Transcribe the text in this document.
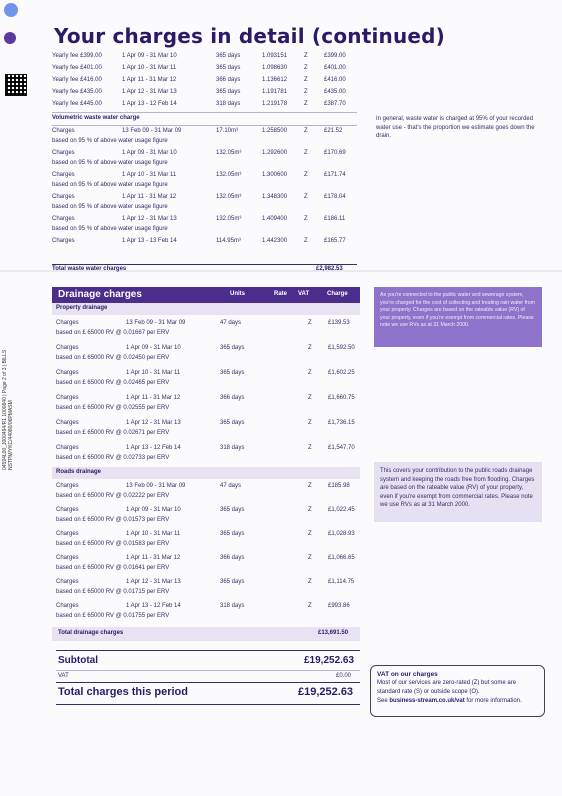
04594L00_J000494/R1 1000840 | Page 2 of 3 | BILLS NSTPM/YKC/44080/06PMASM
Your charges in detail (continued)
Yearly fee £399.00	1 Apr 09 - 31 Mar 10	365 days	1.093151	Z	£399.00
Yearly fee £401.00	1 Apr 10 - 31 Mar 11	365 days	1.098630	Z	£401.00
Yearly fee £416.00	1 Apr 11 - 31 Mar 12	366 days	1.136612	Z	£416.00
Yearly fee £435.00	1 Apr 12 - 31 Mar 13	365 days	1.191781	Z	£435.00
Yearly fee £445.00	1 Apr 13 - 12 Feb 14	318 days	1.219178	Z	£387.70
Volumetric waste water charge
Charges	13 Feb 09 - 31 Mar 09	17.10m³	1.258500	Z	£21.52
based on 95 % of above water usage figure
Charges	1 Apr 09 - 31 Mar 10	132.05m³	1.292600	Z	£170.69
based on 95 % of above water usage figure
Charges	1 Apr 10 - 31 Mar 11	132.05m³	1.300600	Z	£171.74
based on 95 % of above water usage figure
Charges	1 Apr 11 - 31 Mar 12	132.05m³	1.348300	Z	£178.04
based on 95 % of above water usage figure
Charges	1 Apr 12 - 31 Mar 13	132.05m³	1.409400	Z	£186.11
based on 95 % of above water usage figure
Charges	1 Apr 13 - 13 Feb 14	114.95m³	1.442300	Z	£165.77
Total waste water charges	£2,982.53
In general, waste water is charged at 95% of your recorded water use - that's the proportion we estimate goes down the drain.
Drainage charges	Units	Rate VAT	Charge
Property drainage
As you're connected to the public water and sewerage system, you're charged for the cost of collecting and treating rain water from your property. Charges are based on the rateable value (RV) of your property, even if you're exempt from commercial rates. Please note we use RVs as at 31 March 2000.
Charges	13 Feb 09 - 31 Mar 09	47 days	Z	£139.53
based on £ 65000 RV @ 0.01667 per ERV
Charges	1 Apr 09 - 31 Mar 10	365 days	Z	£1,592.50
based on £ 65000 RV @ 0.02450 per ERV
Charges	1 Apr 10 - 31 Mar 11	365 days	Z	£1,602.25
based on £ 65000 RV @ 0.02465 per ERV
Charges	1 Apr 11 - 31 Mar 12	366 days	Z	£1,660.75
based on £ 65000 RV @ 0.02555 per ERV
Charges	1 Apr 12 - 31 Mar 13	365 days	Z	£1,736.15
based on £ 65000 RV @ 0.02671 per ERV
Charges	1 Apr 13 - 12 Feb 14	318 days	Z	£1,547.70
based on £ 65000 RV @ 0.02733 per ERV
Roads drainage	This covers your contribution to the public roads drainage system and keeping the roads free from flooding. Charges are based on the rateable value (RV) of your property, even if you're exempt from commercial rates. Please note we use RVs as at 31 March 2000.
Charges	13 Feb 09 - 31 Mar 09	47 days	Z	£185.98
based on £ 65000 RV @ 0.02222 per ERV
Charges	1 Apr 09 - 31 Mar 10	365 days	Z	£1,022.45
based on £ 65000 RV @ 0.01573 per ERV
Charges	1 Apr 10 - 31 Mar 11	365 days	Z	£1,028.93
based on £ 65000 RV @ 0.01583 per ERV
Charges	1 Apr 11 - 31 Mar 12	366 days	Z	£1,066.65
based on £ 65000 RV @ 0.01641 per ERV
Charges	1 Apr 12 - 31 Mar 13	365 days	Z	£1,114.75
based on £ 65000 RV @ 0.01715 per ERV
Charges	1 Apr 13 - 12 Feb 14	318 days	Z	£993.86
based on £ 65000 RV @ 0.01755 per ERV
Total drainage charges	£13,691.50
Subtotal	£19,252.63
VAT	£0.00
Total charges this period	£19,252.63
VAT on our charges
Most of our services are zero-rated (Z) but some are standard rate (S) or outside scope (O).
See business-stream.co.uk/vat for more information.
